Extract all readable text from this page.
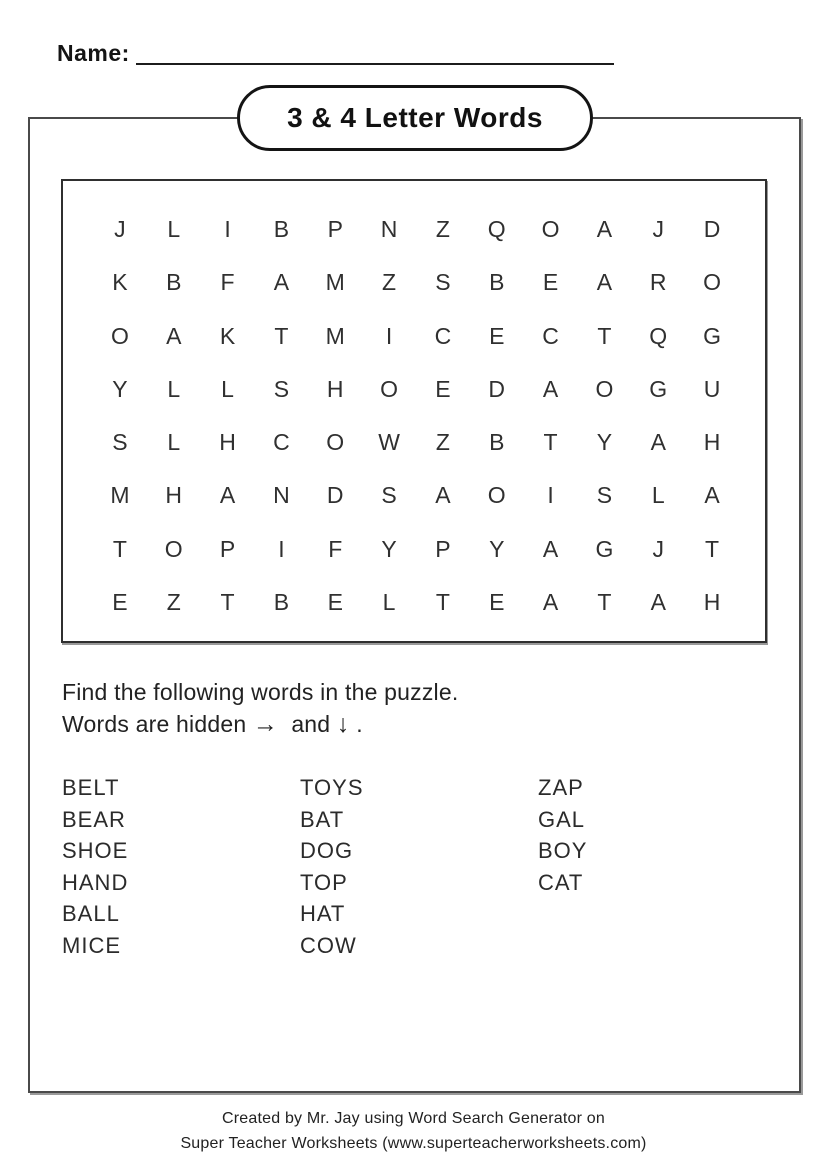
Name:
3 & 4 Letter Words
J	L	I	B	P	N	Z	Q	O	A	J	D
K	B	F	A	M	Z	S	B	E	A	R	O
O	A	K	T	M	I	C	E	C	T	Q	G
Y	L	L	S	H	O	E	D	A	O	G	U
S	L	H	C	O	W	Z	B	T	Y	A	H
M	H	A	N	D	S	A	O	I	S	L	A
T	O	P	I	F	Y	P	Y	A	G	J	T
E	Z	T	B	E	L	T	E	A	T	A	H
Find the following words in the puzzle.
Words are hidden → and ↓ .
BELT
BEAR
SHOE
HAND
BALL
MICE
TOYS
BAT
DOG
TOP
HAT
COW
ZAP
GAL
BOY
CAT
Created by Mr. Jay using Word Search Generator on
Super Teacher Worksheets (www.superteacherworksheets.com)
